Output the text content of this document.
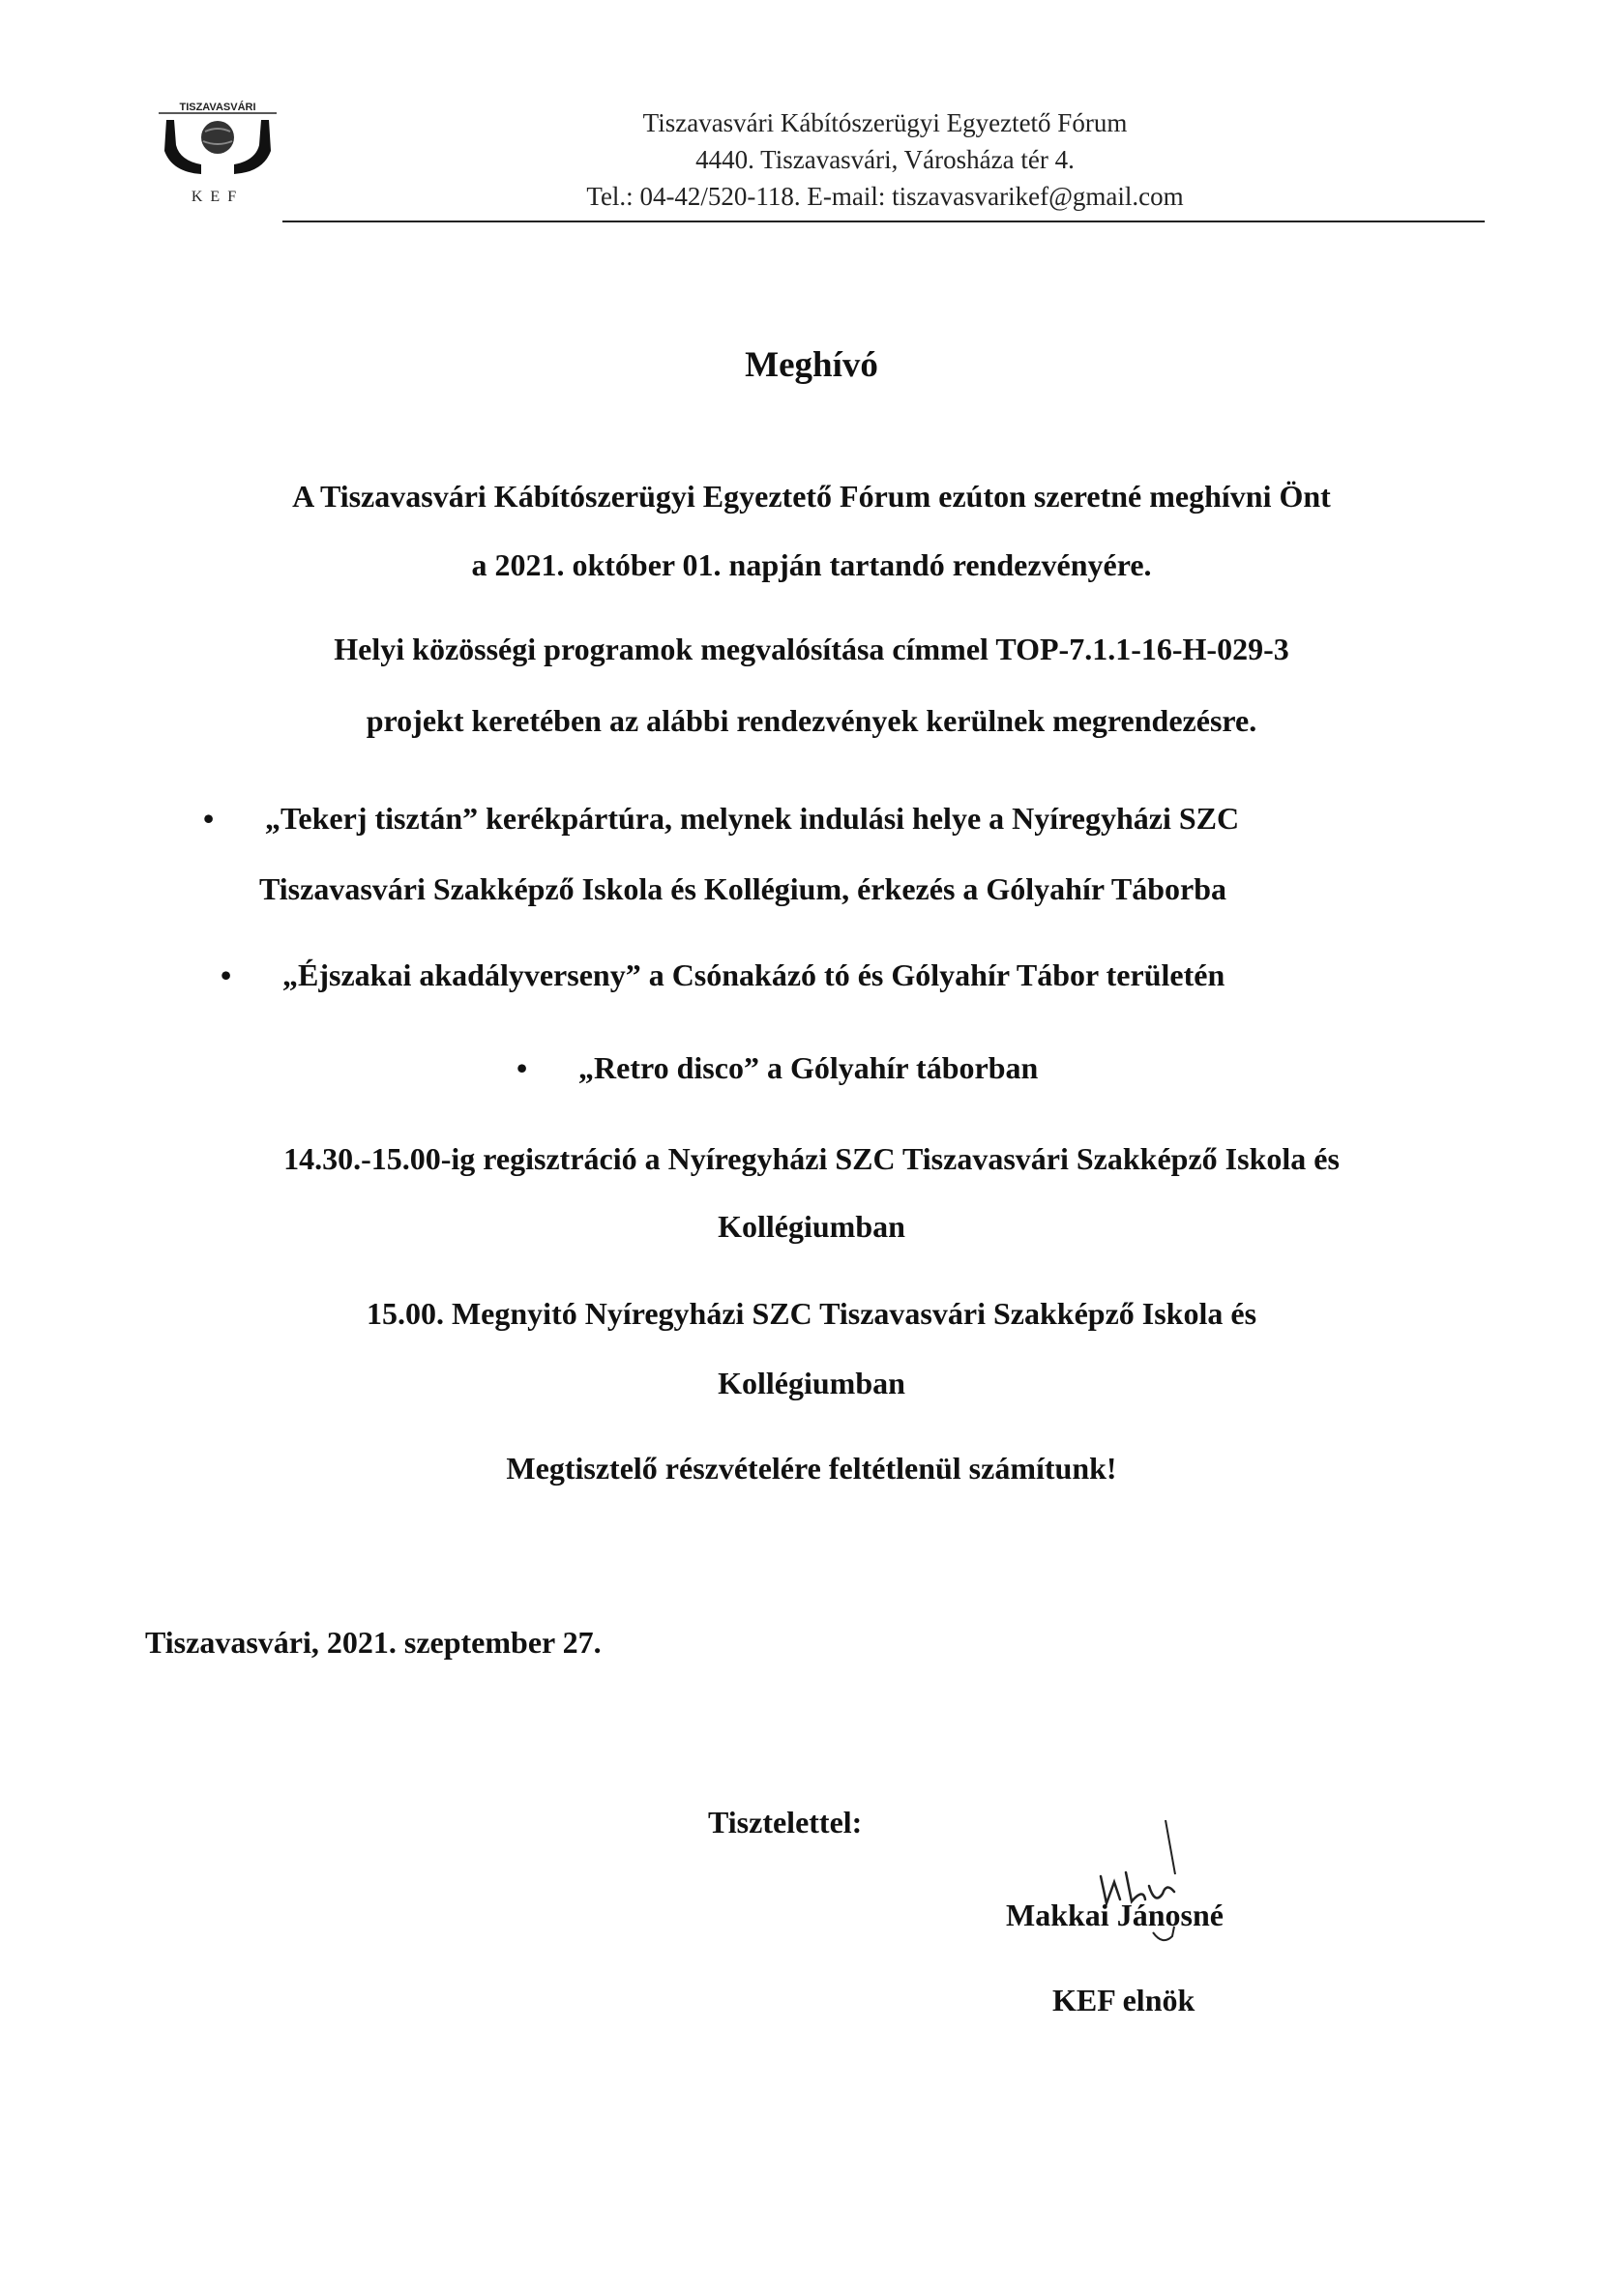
TISZAVASVÁRI
KEF
Tiszavasvári Kábítószerügyi Egyeztető Fórum
4440. Tiszavasvári, Városháza tér 4.
Tel.: 04-42/520-118. E-mail: tiszavasvarikef@gmail.com
Meghívó
A Tiszavasvári Kábítószerügyi Egyeztető Fórum ezúton szeretné meghívni Önt
a 2021. október 01. napján tartandó rendezvényére.
Helyi közösségi programok megvalósítása címmel TOP-7.1.1-16-H-029-3
projekt keretében az alábbi rendezvények kerülnek megrendezésre.
• „Tekerj tisztán” kerékpártúra, melynek indulási helye a Nyíregyházi SZC
Tiszavasvári Szakképző Iskola és Kollégium, érkezés a Gólyahír Táborba
• „Éjszakai akadályverseny” a Csónakázó tó és Gólyahír Tábor területén
• „Retro disco” a Gólyahír táborban
14.30.-15.00-ig regisztráció a Nyíregyházi SZC Tiszavasvári Szakképző Iskola és
Kollégiumban
15.00. Megnyitó Nyíregyházi SZC Tiszavasvári Szakképző Iskola és
Kollégiumban
Megtisztelő részvételére feltétlenül számítunk!
Tiszavasvári, 2021. szeptember 27.
Tisztelettel:
Makkai Jánosné
KEF elnök
